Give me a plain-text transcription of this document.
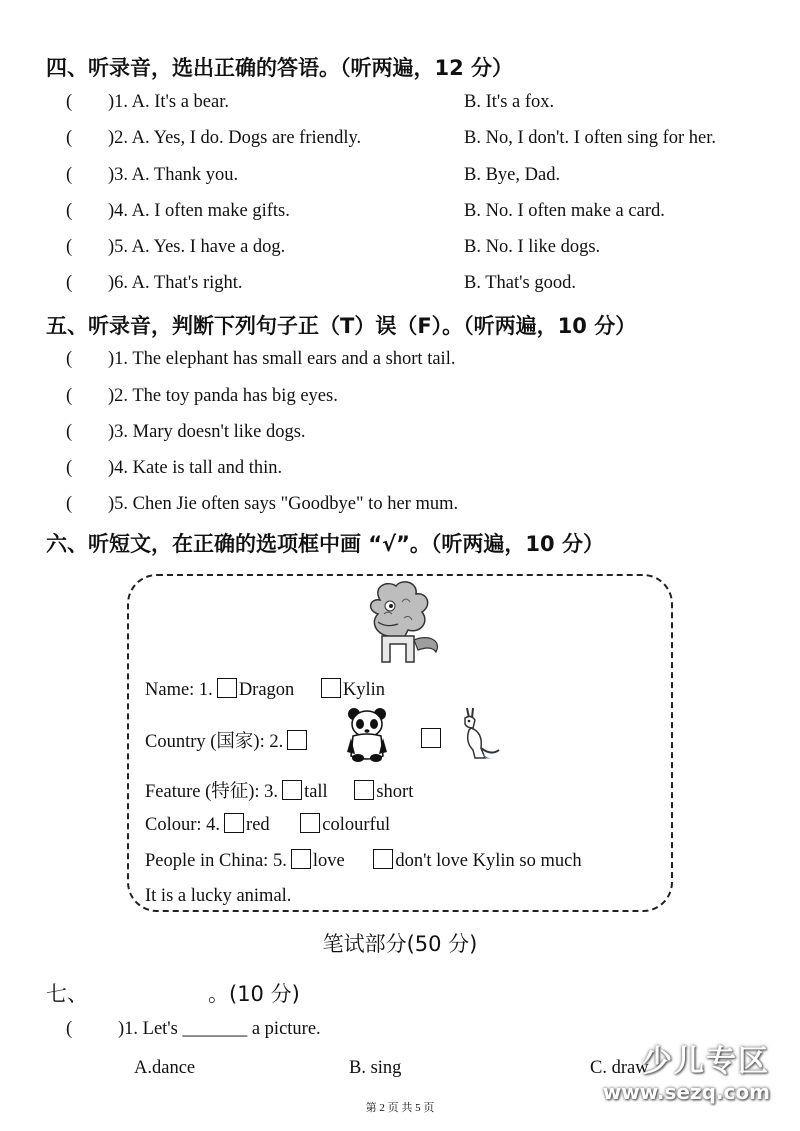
四、听录音，选出正确的答语。（听两遍，12 分）
( )1. A. It's a bear.	B. It's a fox.
( )2. A. Yes, I do. Dogs are friendly.	B. No, I don't. I often sing for her.
( )3. A. Thank you.	B. Bye, Dad.
( )4. A. I often make gifts.	B. No. I often make a card.
( )5. A. Yes. I have a dog.	B. No. I like dogs.
( )6. A. That's right.	B. That's good.
五、听录音，判断下列句子正（T）误（F）。（听两遍，10 分）
( )1. The elephant has small ears and a short tail.
( )2. The toy panda has big eyes.
( )3. Mary doesn't like dogs.
( )4. Kate is tall and thin.
( )5. Chen Jie often says "Goodbye" to her mum.
六、听短文，在正确的选项框中画 “√”。（听两遍，10 分）
Name: 1. Dragon	Kylin
Country (国家): 2.
Feature (特征): 3. tall	short
Colour: 4. red	colourful
People in China: 5. love	don't love Kylin so much
It is a lucky animal.
笔试部分(50 分)
七、	。(10 分)
( )1. Let's _______ a picture.
A.dance	B. sing	C. draw
少儿专区
www.sezq.com
第 2 页 共 5 页
